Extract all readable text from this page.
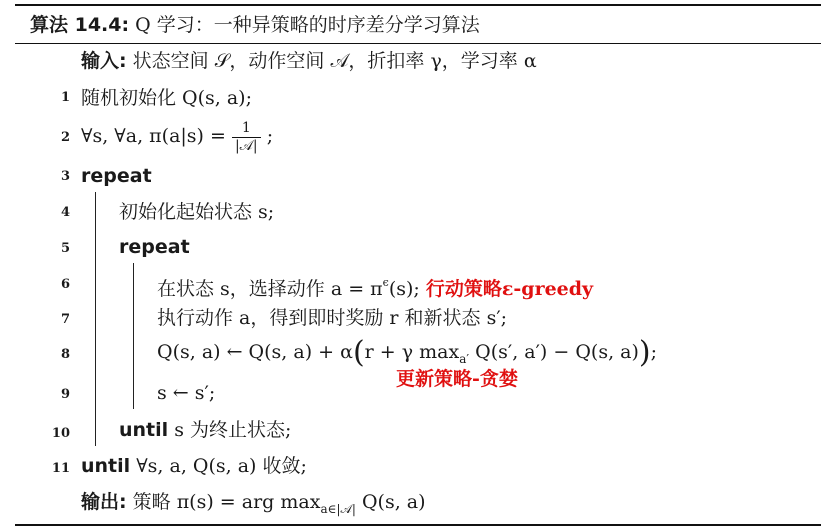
算法 14.4: Q 学习：一种异策略的时序差分学习算法
输入: 状态空间 𝒮，动作空间 𝒜，折扣率 γ，学习率 α
1 随机初始化 Q(s, a);
2 ∀s, ∀a, $\pi(a|s) = \frac{1}{\text{|𝒜|}}$ ;
3 repeat
4	初始化起始状态 s;
5	repeat
6	在状态 s，选择动作 $a = \pi^\epsilon(s)$; 行动策略ε-greedy
7	执行动作 a，得到即时奖励 r 和新状态 s′;
8	Q(s, a) ← Q(s, a) + α(r + γ $\max_{a'} Q(s'$, a′) − Q(s, a));
更新策略-贪婪
9	s ← s′;
10	until s 为终止状态;
11 until ∀s, a, Q(s, a) 收敛;
输出: 策略 π(s) = arg $\max_{a\in|𝒜|} Q(s$, a)
